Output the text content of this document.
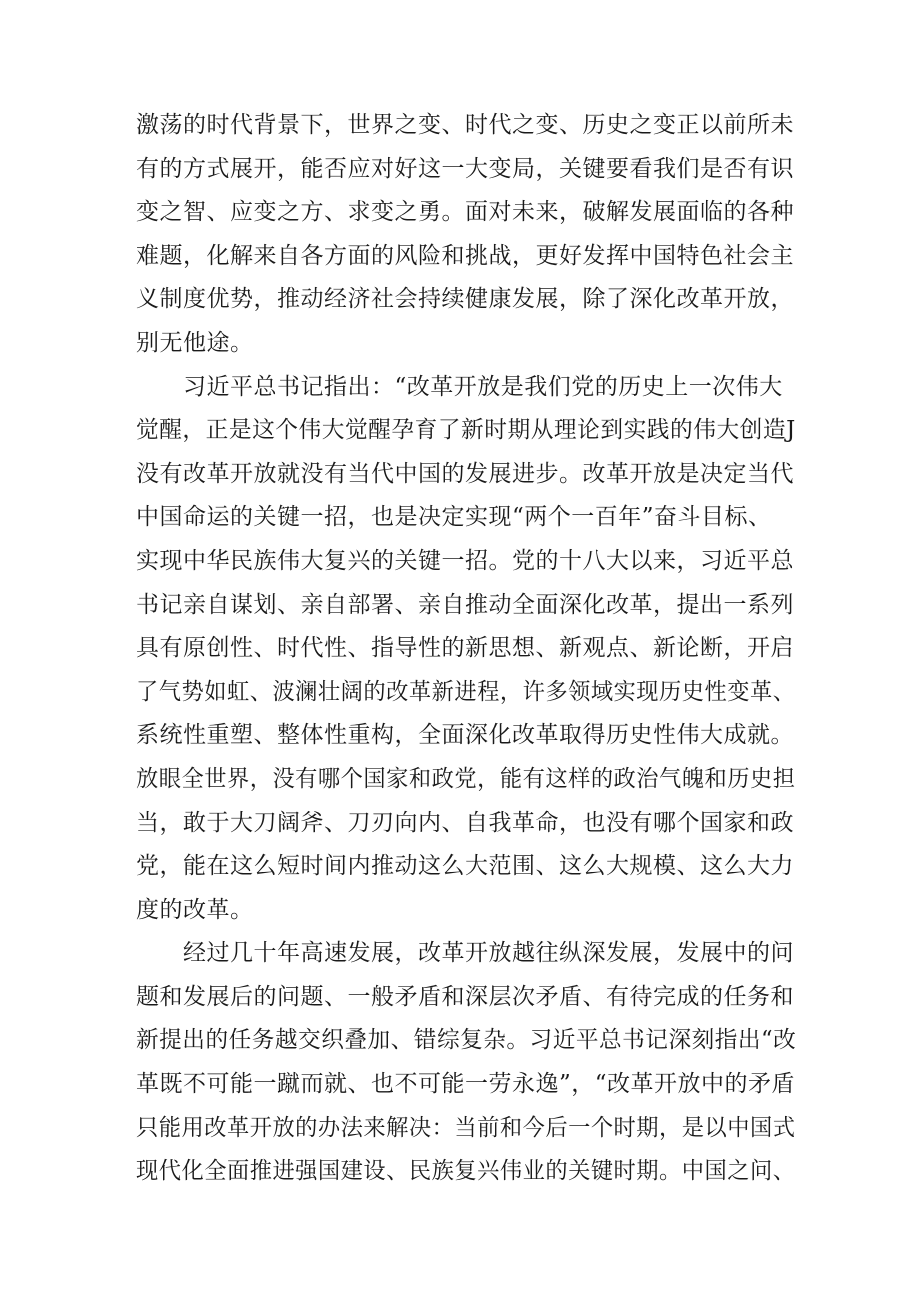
激荡的时代背景下，世界之变、时代之变、历史之变正以前所未
有的方式展开，能否应对好这一大变局，关键要看我们是否有识
变之智、应变之方、求变之勇。面对未来，破解发展面临的各种
难题，化解来自各方面的风险和挑战，更好发挥中国特色社会主
义制度优势，推动经济社会持续健康发展，除了深化改革开放，
别无他途。
　　习近平总书记指出：“改革开放是我们党的历史上一次伟大
觉醒，正是这个伟大觉醒孕育了新时期从理论到实践的伟大创造J
没有改革开放就没有当代中国的发展进步。改革开放是决定当代
中国命运的关键一招，也是决定实现“两个一百年”奋斗目标、
实现中华民族伟大复兴的关键一招。党的十八大以来，习近平总
书记亲自谋划、亲自部署、亲自推动全面深化改革，提出一系列
具有原创性、时代性、指导性的新思想、新观点、新论断，开启
了气势如虹、波澜壮阔的改革新进程，许多领域实现历史性变革、
系统性重塑、整体性重构，全面深化改革取得历史性伟大成就。
放眼全世界，没有哪个国家和政党，能有这样的政治气魄和历史担
当，敢于大刀阔斧、刀刃向内、自我革命，也没有哪个国家和政
党，能在这么短时间内推动这么大范围、这么大规模、这么大力
度的改革。
　　经过几十年高速发展，改革开放越往纵深发展，发展中的问
题和发展后的问题、一般矛盾和深层次矛盾、有待完成的任务和
新提出的任务越交织叠加、错综复杂。习近平总书记深刻指出“改
革既不可能一蹴而就、也不可能一劳永逸”，“改革开放中的矛盾
只能用改革开放的办法来解决：当前和今后一个时期，是以中国式
现代化全面推进强国建设、民族复兴伟业的关键时期。中国之问、
